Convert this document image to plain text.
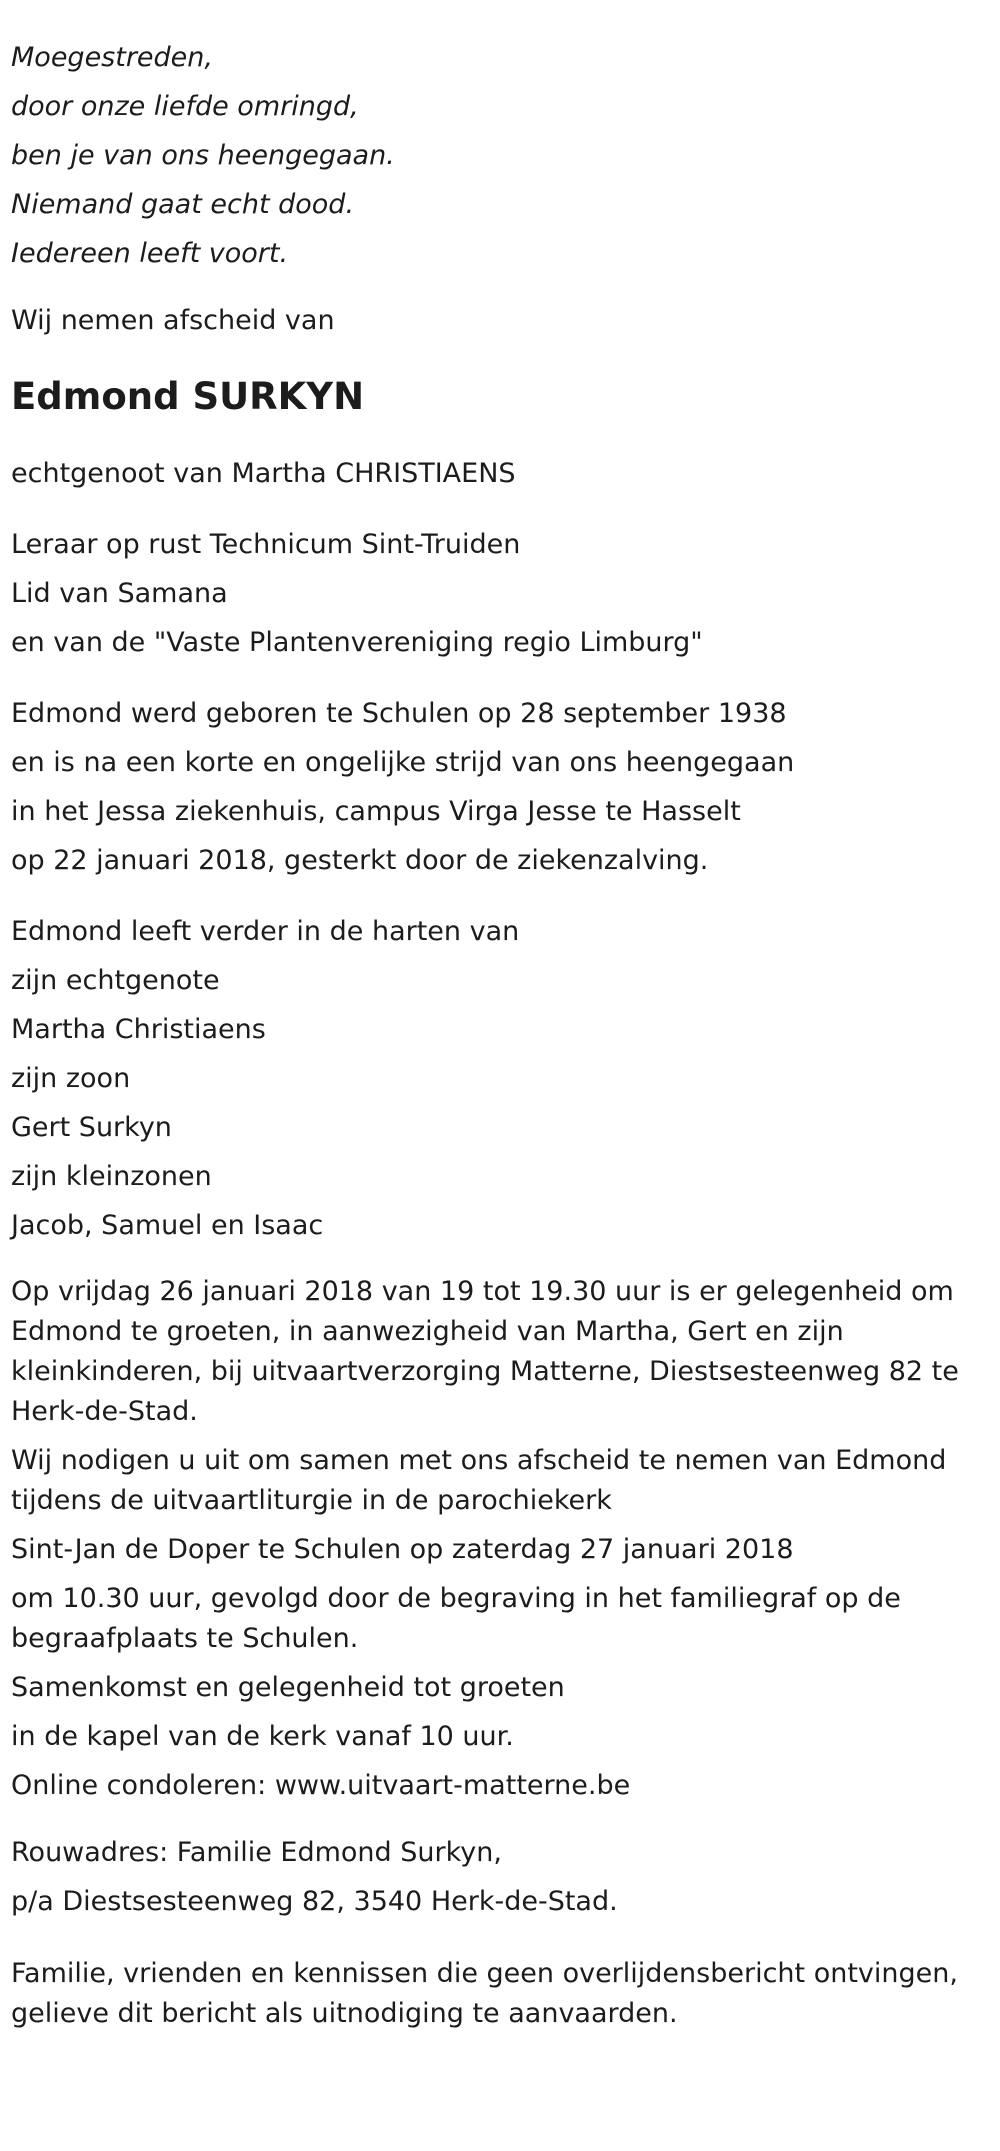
Moegestreden,

door onze liefde omringd,

ben je van ons heengegaan.

Niemand gaat echt dood.

Iedereen leeft voort.

Wij nemen afscheid van

Edmond SURKYN

echtgenoot van Martha CHRISTIAENS

Leraar op rust Technicum Sint-Truiden

Lid van Samana

en van de "Vaste Plantenvereniging regio Limburg"

Edmond werd geboren te Schulen op 28 september 1938

en is na een korte en ongelijke strijd van ons heengegaan

in het Jessa ziekenhuis, campus Virga Jesse te Hasselt

op 22 januari 2018, gesterkt door de ziekenzalving.

Edmond leeft verder in de harten van

zijn echtgenote

Martha Christiaens

zijn zoon

Gert Surkyn

zijn kleinzonen

Jacob, Samuel en Isaac

Op vrijdag 26 januari 2018 van 19 tot 19.30 uur is er gelegenheid om Edmond te groeten, in aanwezigheid van Martha, Gert en zijn kleinkinderen, bij uitvaartverzorging Matterne, Diestsesteenweg 82 te Herk-de-Stad.

Wij nodigen u uit om samen met ons afscheid te nemen van Edmond tijdens de uitvaartliturgie in de parochiekerk

Sint-Jan de Doper te Schulen op zaterdag 27 januari 2018

om 10.30 uur, gevolgd door de begraving in het familiegraf op de begraafplaats te Schulen.

Samenkomst en gelegenheid tot groeten

in de kapel van de kerk vanaf 10 uur.

Online condoleren: www.uitvaart-matterne.be

Rouwadres: Familie Edmond Surkyn,

p/a Diestsesteenweg 82, 3540 Herk-de-Stad.

Familie, vrienden en kennissen die geen overlijdensbericht ontvingen, gelieve dit bericht als uitnodiging te aanvaarden.
